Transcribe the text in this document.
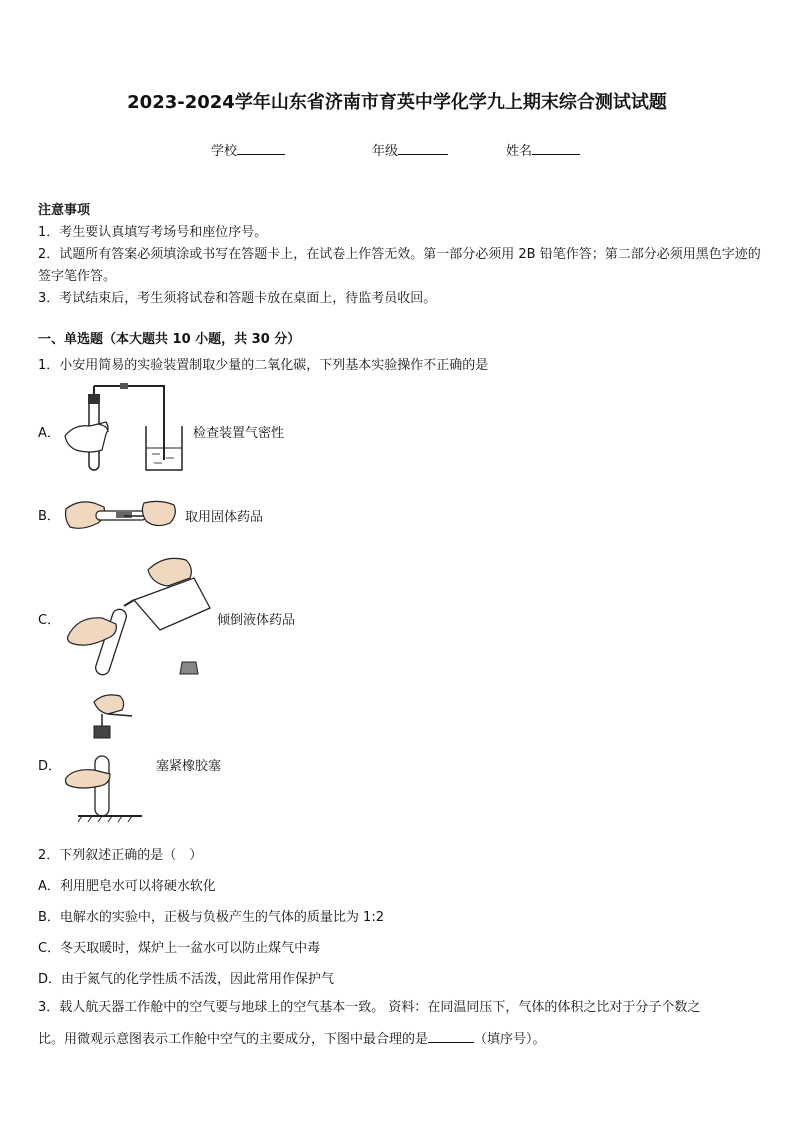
2023-2024学年山东省济南市育英中学化学九上期末综合测试试题
学校	年级	姓名
注意事项
1．考生要认真填写考场号和座位序号。
2．试题所有答案必须填涂或书写在答题卡上，在试卷上作答无效。第一部分必须用 2B 铅笔作答；第二部分必须用黑色字迹的签字笔作答。
3．考试结束后，考生须将试卷和答题卡放在桌面上，待监考员收回。
一、单选题（本大题共 10 小题，共 30 分）
1．小安用简易的实验装置制取少量的二氧化碳，下列基本实验操作不正确的是
A．	检查装置气密性
B．	取用固体药品
C．	倾倒液体药品
D．	塞紧橡胶塞
2．下列叙述正确的是（　）
A．利用肥皂水可以将硬水软化
B．电解水的实验中，正极与负极产生的气体的质量比为 1:2
C．冬天取暖时，煤炉上一盆水可以防止煤气中毒
D．由于氮气的化学性质不活泼，因此常用作保护气
3．载人航天器工作舱中的空气要与地球上的空气基本一致。 资料：在同温同压下，气体的体积之比对于分子个数之
比。用微观示意图表示工作舱中空气的主要成分，下图中最合理的是	（填序号）。
